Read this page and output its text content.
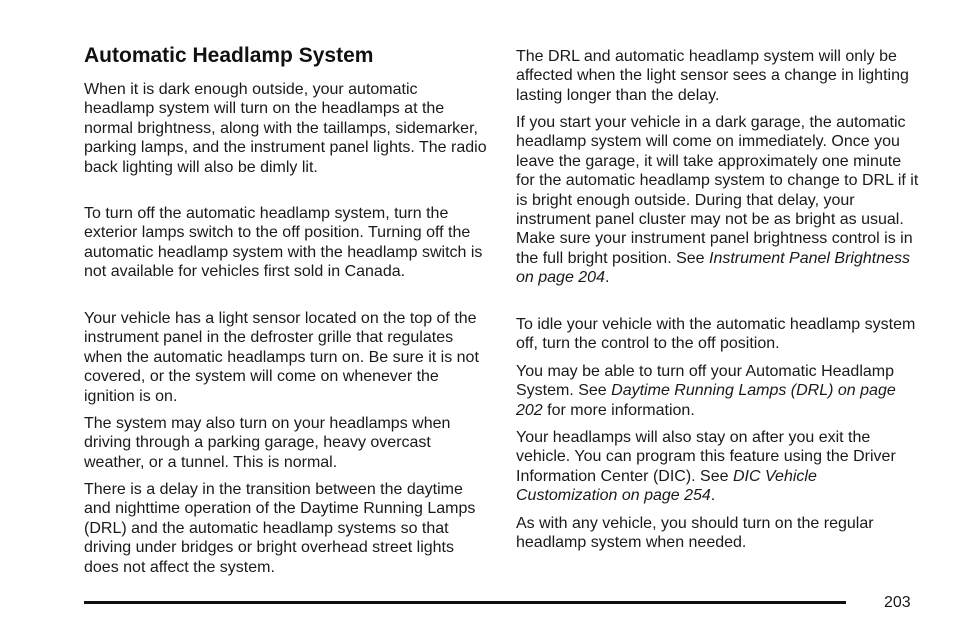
Automatic Headlamp System

When it is dark enough outside, your automatic headlamp system will turn on the headlamps at the normal brightness, along with the taillamps, sidemarker, parking lamps, and the instrument panel lights. The radio back lighting will also be dimly lit.

To turn off the automatic headlamp system, turn the exterior lamps switch to the off position. Turning off the automatic headlamp system with the headlamp switch is not available for vehicles first sold in Canada.

Your vehicle has a light sensor located on the top of the instrument panel in the defroster grille that regulates when the automatic headlamps turn on. Be sure it is not covered, or the system will come on whenever the ignition is on.

The system may also turn on your headlamps when driving through a parking garage, heavy overcast weather, or a tunnel. This is normal.

There is a delay in the transition between the daytime and nighttime operation of the Daytime Running Lamps (DRL) and the automatic headlamp systems so that driving under bridges or bright overhead street lights does not affect the system.

The DRL and automatic headlamp system will only be affected when the light sensor sees a change in lighting lasting longer than the delay.

If you start your vehicle in a dark garage, the automatic headlamp system will come on immediately. Once you leave the garage, it will take approximately one minute for the automatic headlamp system to change to DRL if it is bright enough outside. During that delay, your instrument panel cluster may not be as bright as usual. Make sure your instrument panel brightness control is in the full bright position. See Instrument Panel Brightness on page 204.

To idle your vehicle with the automatic headlamp system off, turn the control to the off position.

You may be able to turn off your Automatic Headlamp System. See Daytime Running Lamps (DRL) on page 202 for more information.

Your headlamps will also stay on after you exit the vehicle. You can program this feature using the Driver Information Center (DIC). See DIC Vehicle Customization on page 254.

As with any vehicle, you should turn on the regular headlamp system when needed.

203
